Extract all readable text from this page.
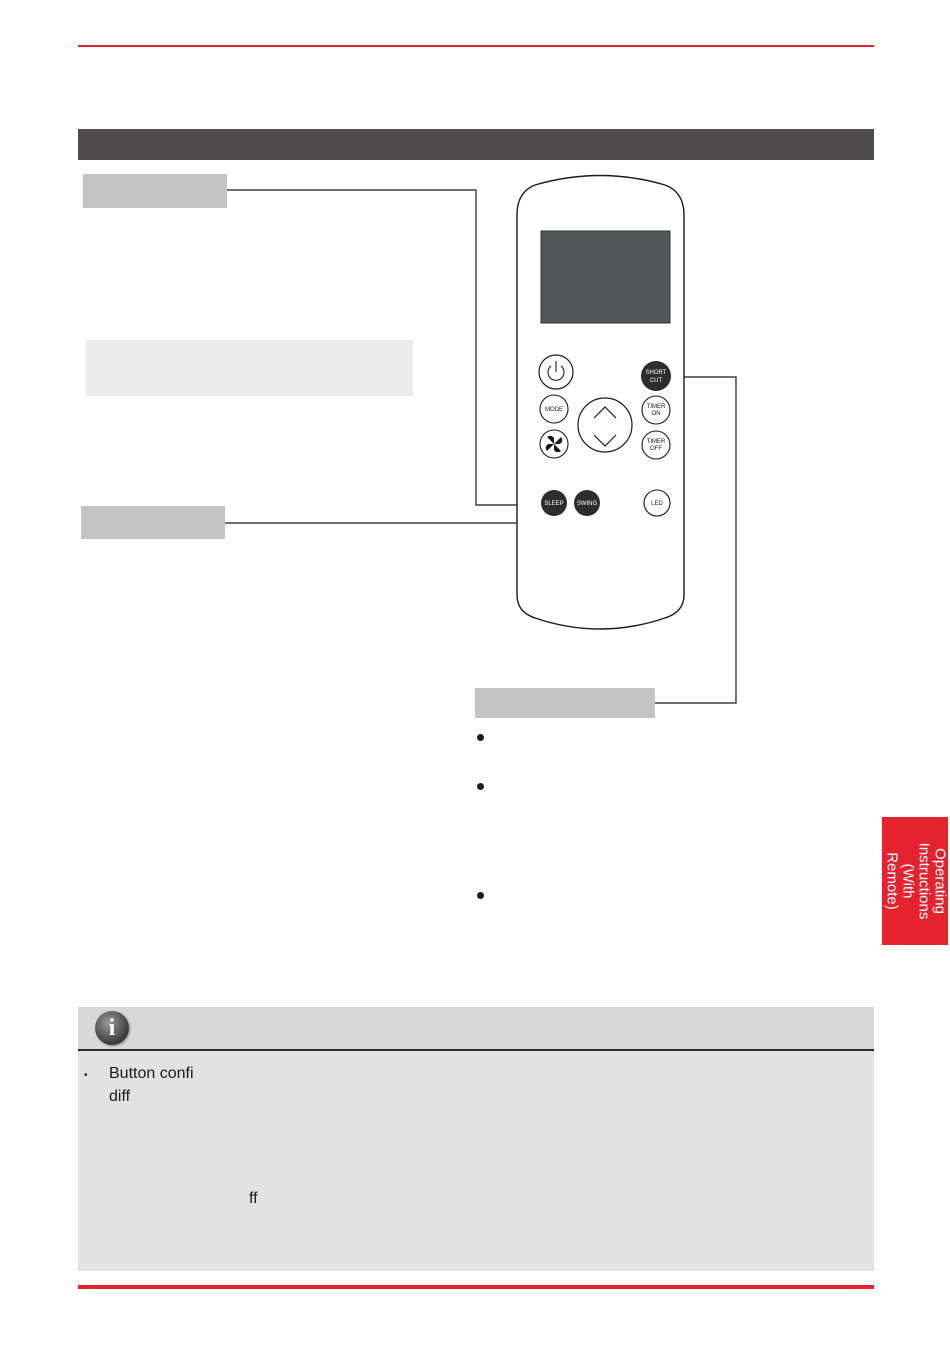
Operating
Instructions
(With Remote)
SHORT
CUT
MODE	TIMER
ON
TIMER
OFF
SLEEP SWING	LED
i
• Button confi
diff
ff
